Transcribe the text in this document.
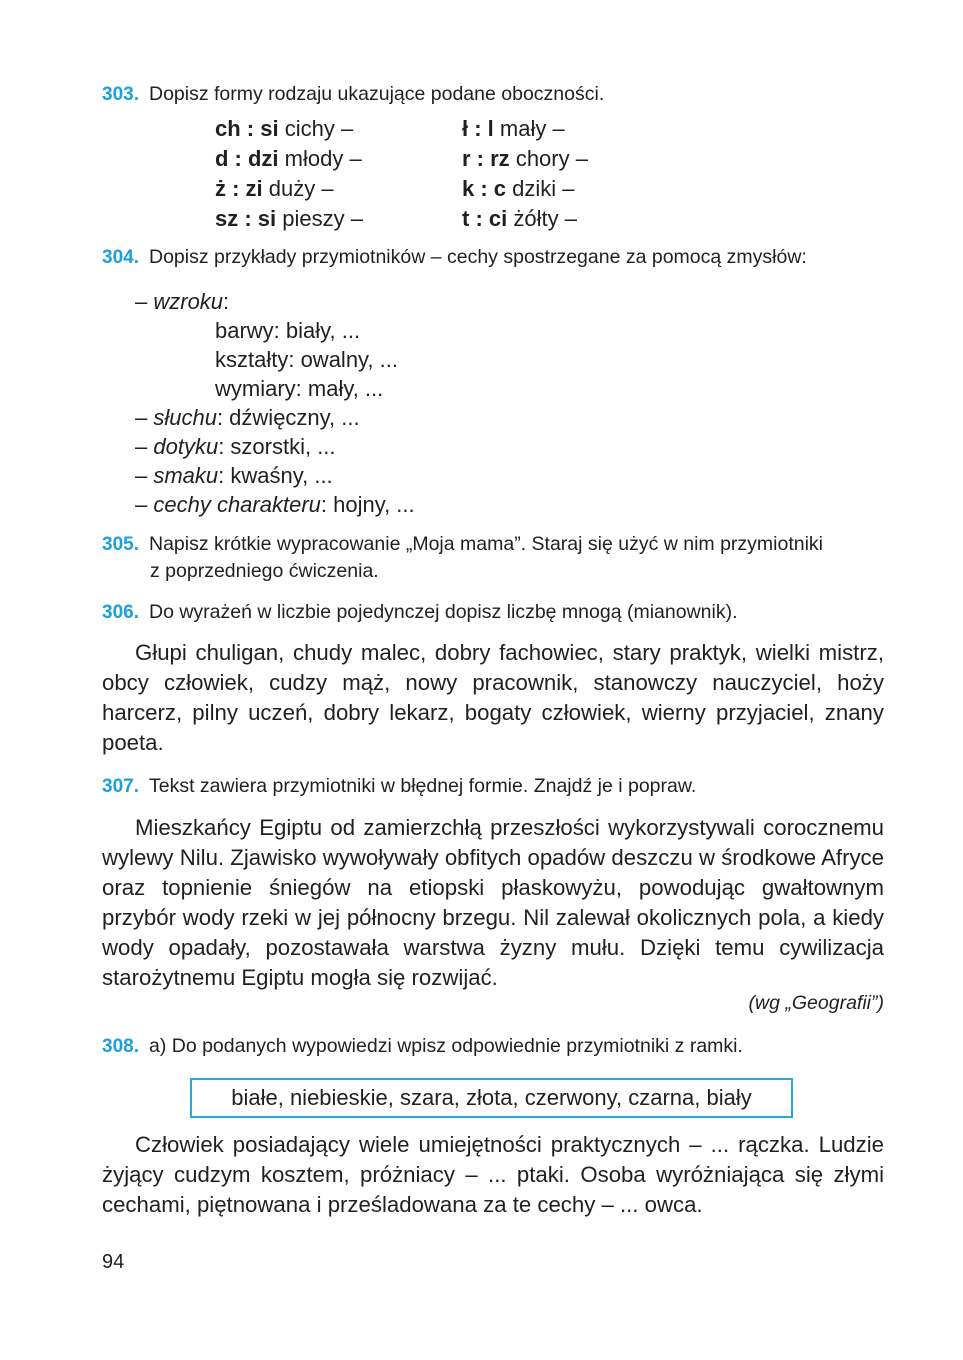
303. Dopisz formy rodzaju ukazujące podane oboczności.
ch : si cichy –
d : dzi młody –
ż : zi duży –
sz : si pieszy –
ł : l mały –
r : rz chory –
k : c dziki –
t : ci żółty –
304. Dopisz przykłady przymiotników – cechy spostrzegane za pomocą zmysłów:
– wzroku:
barwy: biały, ...
kształty: owalny, ...
wymiary: mały, ...
– słuchu: dźwięczny, ...
– dotyku: szorstki, ...
– smaku: kwaśny, ...
– cechy charakteru: hojny, ...
305. Napisz krótkie wypracowanie „Moja mama”. Staraj się użyć w nim przymiotniki
z poprzedniego ćwiczenia.
306. Do wyrażeń w liczbie pojedynczej dopisz liczbę mnogą (mianownik).

Głupi chuligan, chudy malec, dobry fachowiec, stary praktyk, wielki mistrz, obcy człowiek, cudzy mąż, nowy pracownik, stanowczy nauczyciel, hoży harcerz, pilny uczeń, dobry lekarz, bogaty człowiek, wierny przyjaciel, znany poeta.

307. Tekst zawiera przymiotniki w błędnej formie. Znajdź je i popraw.

Mieszkańcy Egiptu od zamierzchłą przeszłości wykorzystywali corocznemu wylewy Nilu. Zjawisko wywoływały obfitych opadów deszczu w środkowe Afryce oraz topnienie śniegów na etiopski płaskowyżu, powodując gwałtownym przybór wody rzeki w jej północny brzegu. Nil zalewał okolicznych pola, a kiedy wody opadały, pozostawała warstwa żyzny mułu. Dzięki temu cywilizacja starożytnemu Egiptu mogła się rozwijać.

(wg „Geografii”)
308. a) Do podanych wypowiedzi wpisz odpowiednie przymiotniki z ramki.
białe, niebieskie, szara, złota, czerwony, czarna, biały

Człowiek posiadający wiele umiejętności praktycznych – ... rączka. Ludzie żyjący cudzym kosztem, próżniacy – ... ptaki. Osoba wyróżniająca się złymi cechami, piętnowana i prześladowana za te cechy – ... owca.

94
